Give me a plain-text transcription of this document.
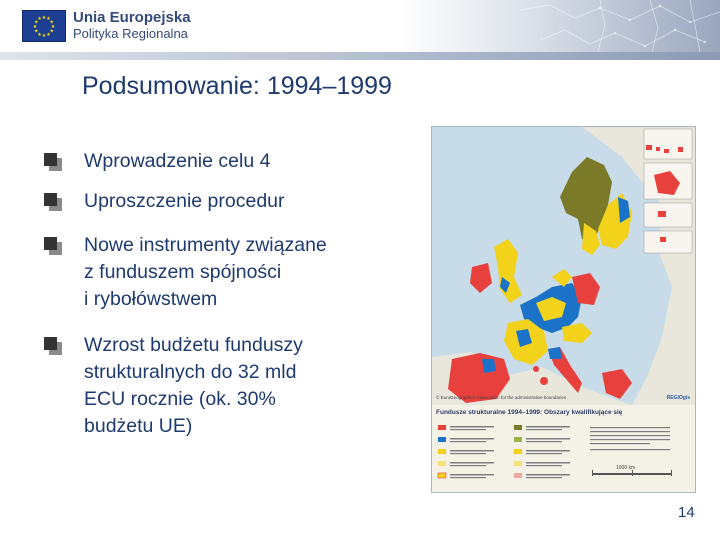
★ ★
★
★
★
★
★
★
★
★
★
★ Unia Europejska
Polityka Regionalna
Podsumowanie: 1994–1999
Wprowadzenie celu 4
Uproszczenie procedur
Nowe instrumenty związane
z funduszem spójności
i rybołówstwem
Wzrost budżetu funduszy
strukturalnych do 32 mld
ECU rocznie (ok. 30%
budżetu UE)
© EuroGeographics Association for the administrative boundaries	REGIOgis
Fundusze strukturalne 1994–1999: Obszary kwalifikujące się
1000 km
14
